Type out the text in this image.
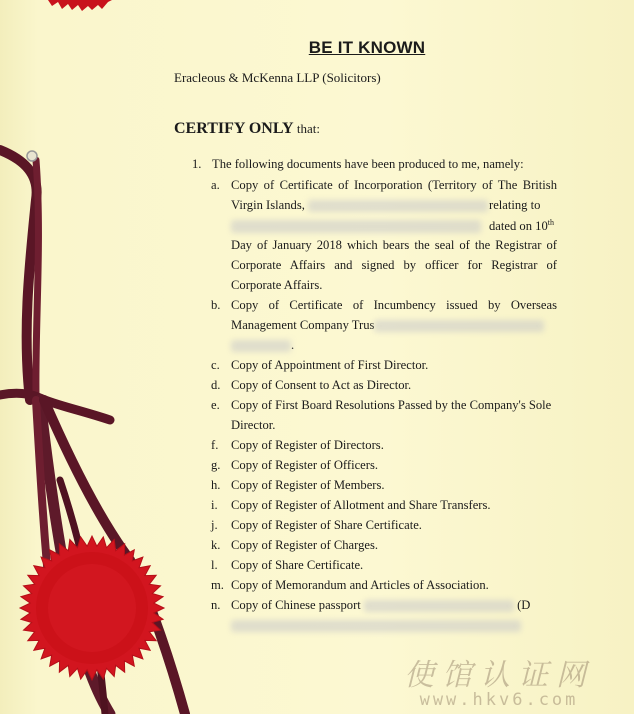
BE IT KNOWN
Eracleous & McKenna LLP (Solicitors)
CERTIFY ONLY that:
1. The following documents have been produced to me, namely:
a. Copy of Certificate of Incorporation (Territory of The British
Virgin Islands,	relating to
dated on 10th
Day of January 2018 which bears the seal of the Registrar of
Corporate Affairs and signed by officer for Registrar of
Corporate Affairs.
b. Copy of Certificate of Incumbency issued by Overseas
Management Company Trus
.
c. Copy of Appointment of First Director.
d. Copy of Consent to Act as Director.
e. Copy of First Board Resolutions Passed by the Company's Sole
Director.
f. Copy of Register of Directors.
g. Copy of Register of Officers.
h. Copy of Register of Members.
i. Copy of Register of Allotment and Share Transfers.
j. Copy of Register of Share Certificate.
k. Copy of Register of Charges.
l. Copy of Share Certificate.
m. Copy of Memorandum and Articles of Association.
n. Copy of Chinese passport	(D
使馆认证网
www.hkv6.com
